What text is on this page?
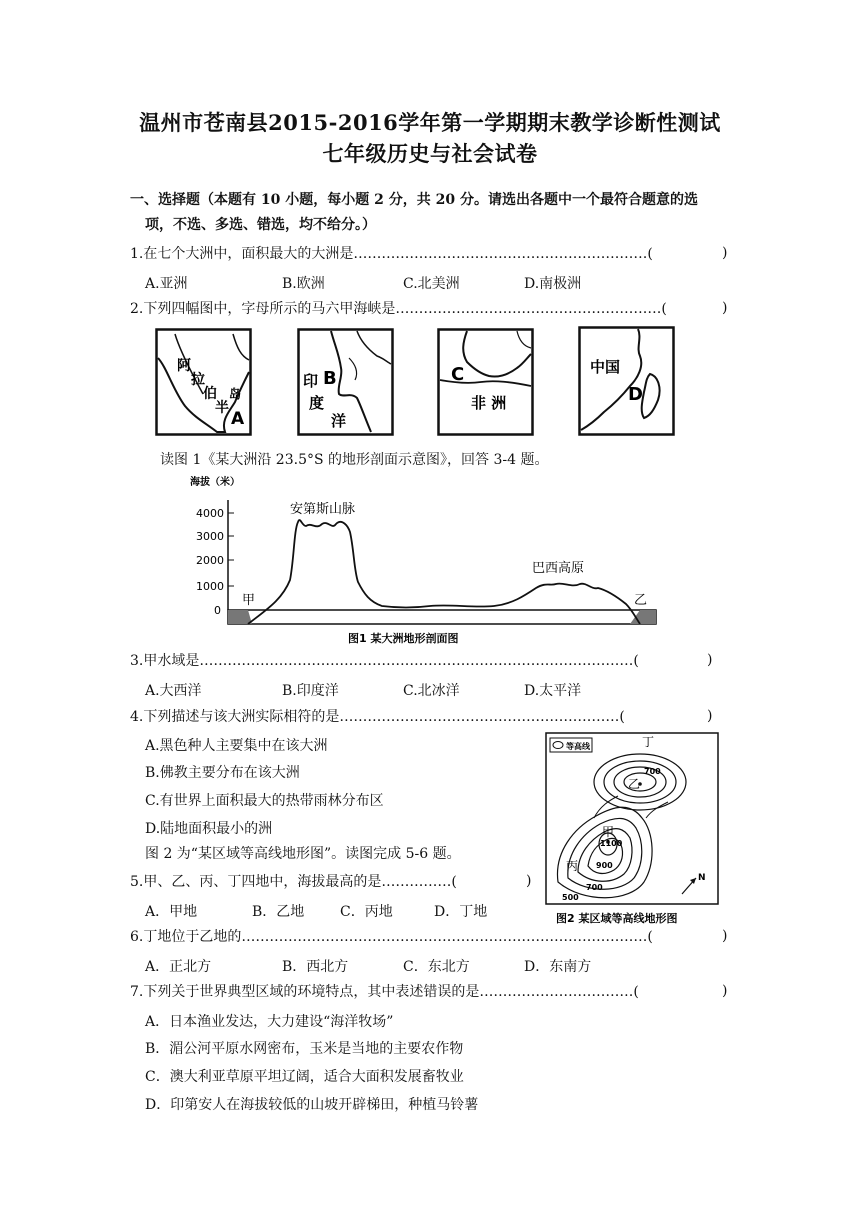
温州市苍南县2015-2016学年第一学期期末教学诊断性测试
七年级历史与社会试卷
一、选择题（本题有 10 小题，每小题 2 分，共 20 分。请选出各题中一个最符合题意的选
项，不选、多选、错选，均不给分。）
1.在七个大洲中，面积最大的大洲是………………………………………………………(	)
A.亚洲	B.欧洲	C.北美洲	D.南极洲
2.下列四幅图中，字母所示的马六甲海峡是…………………………………………………(	)
阿
拉
伯
半
岛
A
印
度
洋
B	C
非 洲
中国
D
读图 1《某大洲沿 23.5°S 的地形剖面示意图》，回答 3-4 题。
海拔（米）
4000
3000
2000
1000
0
安第斯山脉
巴西高原
甲	乙
图1 某大洲地形剖面图
3.甲水域是…………………………………………………………………………………(	)
A.大西洋	B.印度洋	C.北冰洋	D.太平洋
4.下列描述与该大洲实际相符的是……………………………………………………(	)
A.黑色种人主要集中在该大洲
B.佛教主要分布在该大洲
C.有世界上面积最大的热带雨林分布区
D.陆地面积最小的洲
图 2 为“某区域等高线地形图”。读图完成 5-6 题。
等高线	丁
乙
700
甲
1100
丙 900
700
500
N
图2 某区域等高线地形图
5.甲、乙、丙、丁四地中，海拔最高的是……………(	)
A．甲地	B．乙地	C．丙地	D．丁地
6.丁地位于乙地的……………………………………………………………………………(	)
A．正北方	B．西北方	C．东北方	D．东南方
7.下列关于世界典型区域的环境特点，其中表述错误的是……………………………(	)
A．日本渔业发达，大力建设“海洋牧场”
B．湄公河平原水网密布，玉米是当地的主要农作物
C．澳大利亚草原平坦辽阔，适合大面积发展畜牧业
D．印第安人在海拔较低的山坡开辟梯田，种植马铃薯
